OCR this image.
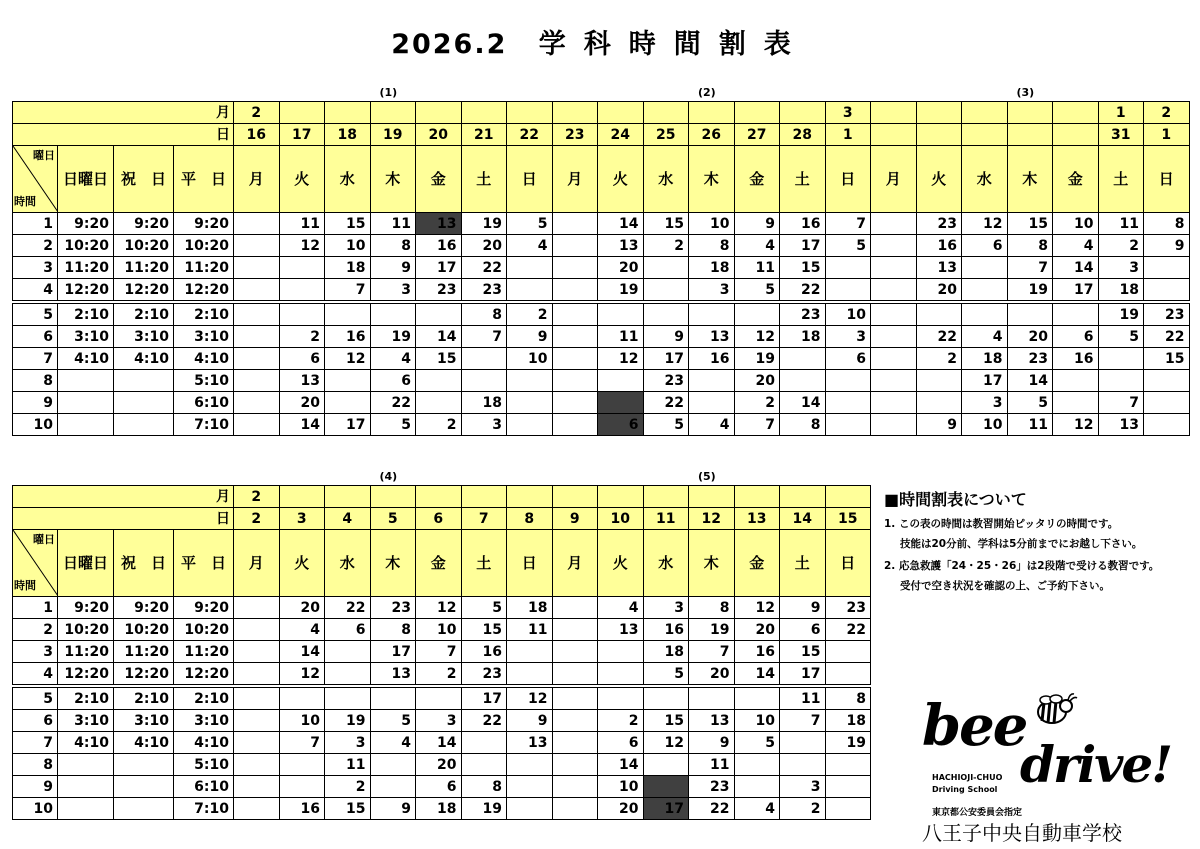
2026.2 学科時間割表
月				2													3						1	2
日				16	17	18	19	20	21	22	23	24	25	26	27	28	1						31	1

曜日
時間	日曜日	祝　日	平　日	月	火	水	木	金	土	日	月	火	水	木	金	土	日	月	火	水	木	金	土	日
1	9:20	9:20	9:20		11	15	11	13	19	5		14	15	10	9	16	7		23	12	15	10	11	8
2	10:20	10:20	10:20		12	10	8	16	20	4		13	2	8	4	17	5		16	6	8	4	2	9
3	11:20	11:20	11:20			18	9	17	22			20		18	11	15			13		7	14	3	
4	12:20	12:20	12:20			7	3	23	23			19		3	5	22			20		19	17	18	
5	2:10	2:10	2:10						8	2						23	10						19	23
6	3:10	3:10	3:10		2	16	19	14	7	9		11	9	13	12	18	3		22	4	20	6	5	22
7	4:10	4:10	4:10		6	12	4	15		10		12	17	16	19		6		2	18	23	16		15
8			5:10		13		6						23		20					17	14			
9			6:10		20		22		18				22		2	14				3	5		7	
10			7:10		14	17	5	2	3			6	5	4	7	8			9	10	11	12	13	
月				2													
日				2	3	4	5	6	7	8	9	10	11	12	13	14	15

曜日
時間	日曜日	祝　日	平　日	月	火	水	木	金	土	日	月	火	水	木	金	土	日
1	9:20	9:20	9:20		20	22	23	12	5	18		4	3	8	12	9	23
2	10:20	10:20	10:20		4	6	8	10	15	11		13	16	19	20	6	22
3	11:20	11:20	11:20		14		17	7	16				18	7	16	15	
4	12:20	12:20	12:20		12		13	2	23				5	20	14	17	
5	2:10	2:10	2:10						17	12						11	8
6	3:10	3:10	3:10		10	19	5	3	22	9		2	15	13	10	7	18
7	4:10	4:10	4:10		7	3	4	14		13		6	12	9	5		19
8			5:10			11		20				14		11			
9			6:10			2		6	8			10		23		3	
10			7:10		16	15	9	18	19			20	17	22	4	2	
■時間割表について
1. この表の時間は教習開始ピッタリの時間です。
技能は20分前、学科は5分前までにお越し下さい。
2. 応急救護「24・25・26」は2段階で受ける教習です。
受付で空き状況を確認の上、ご予約下さい。
bee
drive!
HACHIOJI-CHUO
Driving School
東京都公安委員会指定
八王子中央自動車学校
(1)	(2)	(3)
(4)	(5)
